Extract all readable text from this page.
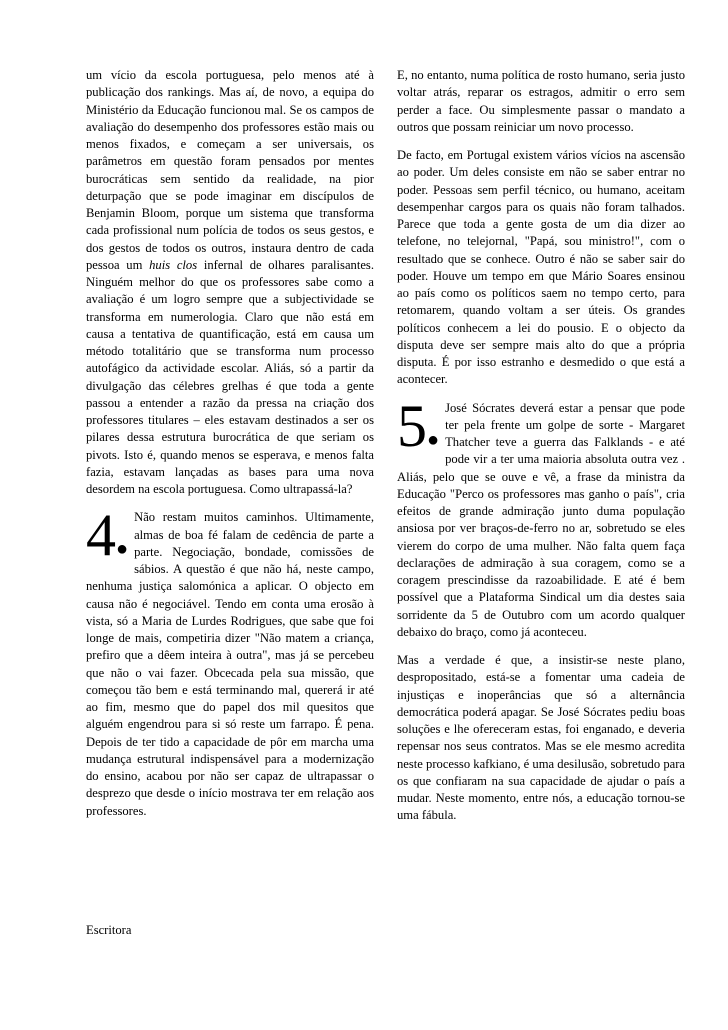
um vício da escola portuguesa, pelo menos até à publicação dos rankings. Mas aí, de novo, a equipa do Ministério da Educação funcionou mal. Se os campos de avaliação do desempenho dos professores estão mais ou menos fixados, e começam a ser universais, os parâmetros em questão foram pensados por mentes burocráticas sem sentido da realidade, na pior deturpação que se pode imaginar em discípulos de Benjamin Bloom, porque um sistema que transforma cada profissional num polícia de todos os seus gestos, e dos gestos de todos os outros, instaura dentro de cada pessoa um huis clos infernal de olhares paralisantes. Ninguém melhor do que os professores sabe como a avaliação é um logro sempre que a subjectividade se transforma em numerologia. Claro que não está em causa a tentativa de quantificação, está em causa um método totalitário que se transforma num processo autofágico da actividade escolar. Aliás, só a partir da divulgação das célebres grelhas é que toda a gente passou a entender a razão da pressa na criação dos professores titulares – eles estavam destinados a ser os pilares dessa estrutura burocrática de que seriam os pivots. Isto é, quando menos se esperava, e menos falta fazia, estavam lançadas as bases para uma nova desordem na escola portuguesa. Como ultrapassá-la?

4●
Não restam muitos caminhos. Ultimamente, almas de boa fé falam de cedência de parte a parte. Negociação, bondade, comissões de sábios. A questão é que não há, neste campo, nenhuma justiça salomónica a aplicar. O objecto em causa não é negociável. Tendo em conta uma erosão à vista, só a Maria de Lurdes Rodrigues, que sabe que foi longe de mais, competiria dizer "Não matem a criança, prefiro que a dêem inteira à outra", mas já se percebeu que não o vai fazer. Obcecada pela sua missão, que começou tão bem e está terminando mal, quererá ir até ao fim, mesmo que do papel dos mil quesitos que alguém engendrou para si só reste um farrapo. É pena. Depois de ter tido a capacidade de pôr em marcha uma mudança estrutural indispensável para a modernização do ensino, acabou por não ser capaz de ultrapassar o desprezo que desde o início mostrava ter em relação aos professores.

E, no entanto, numa política de rosto humano, seria justo voltar atrás, reparar os estragos, admitir o erro sem perder a face. Ou simplesmente passar o mandato a outros que possam reiniciar um novo processo.

De facto, em Portugal existem vários vícios na ascensão ao poder. Um deles consiste em não se saber entrar no poder. Pessoas sem perfil técnico, ou humano, aceitam desempenhar cargos para os quais não foram talhados. Parece que toda a gente gosta de um dia dizer ao telefone, no telejornal, "Papá, sou ministro!", com o resultado que se conhece. Outro é não se saber sair do poder. Houve um tempo em que Mário Soares ensinou ao país como os políticos saem no tempo certo, para retomarem, quando voltam a ser úteis. Os grandes políticos conhecem a lei do pousio. E o objecto da disputa deve ser sempre mais alto do que a própria disputa. É por isso estranho e desmedido o que está a acontecer.

5●
José Sócrates deverá estar a pensar que pode ter pela frente um golpe de sorte - Margaret Thatcher teve a guerra das Falklands - e até pode vir a ter uma maioria absoluta outra vez . Aliás, pelo que se ouve e vê, a frase da ministra da Educação "Perco os professores mas ganho o país", cria efeitos de grande admiração junto duma população ansiosa por ver braços-de-ferro no ar, sobretudo se eles vierem do corpo de uma mulher. Não falta quem faça declarações de admiração à sua coragem, como se a coragem prescindisse da razoabilidade. E até é bem possível que a Plataforma Sindical um dia destes saia sorridente da 5 de Outubro com um acordo qualquer debaixo do braço, como já aconteceu.

Mas a verdade é que, a insistir-se neste plano, despropositado, está-se a fomentar uma cadeia de injustiças e inoperâncias que só a alternância democrática poderá apagar. Se José Sócrates pediu boas soluções e lhe ofereceram estas, foi enganado, e deveria repensar nos seus contratos. Mas se ele mesmo acredita neste processo kafkiano, é uma desilusão, sobretudo para os que confiaram na sua capacidade de ajudar o país a mudar. Neste momento, entre nós, a educação tornou-se uma fábula.

Escritora
